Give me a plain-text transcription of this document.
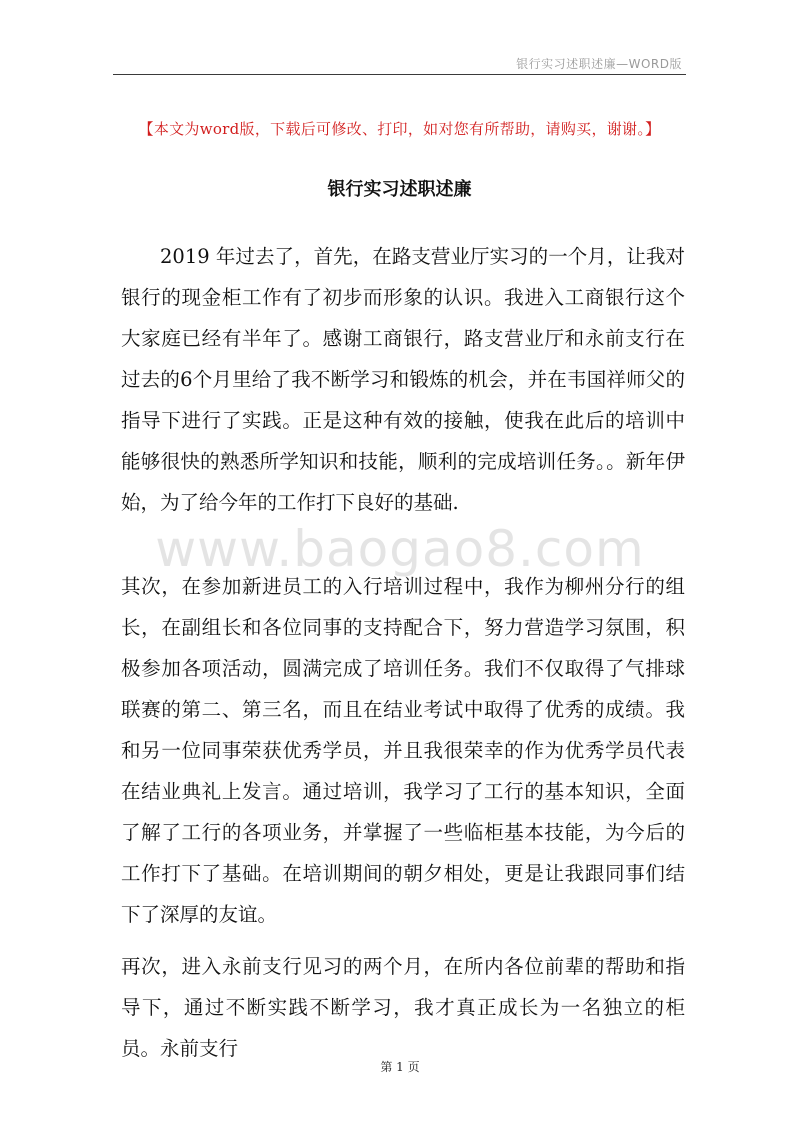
银行实习述职述廉—WORD版
【本文为word版，下载后可修改、打印，如对您有所帮助，请购买，谢谢。】
银行实习述职述廉

2019 年过去了，首先，在路支营业厅实习的一个月，让我对银行的现金柜工作有了初步而形象的认识。我进入工商银行这个大家庭已经有半年了。感谢工商银行，路支营业厅和永前支行在过去的6个月里给了我不断学习和锻炼的机会，并在韦国祥师父的指导下进行了实践。正是这种有效的接触，使我在此后的培训中能够很快的熟悉所学知识和技能，顺利的完成培训任务。。新年伊始，为了给今年的工作打下良好的基础.

www.baogao8.com

其次，在参加新进员工的入行培训过程中，我作为柳州分行的组长，在副组长和各位同事的支持配合下，努力营造学习氛围，积极参加各项活动，圆满完成了培训任务。我们不仅取得了气排球联赛的第二、第三名，而且在结业考试中取得了优秀的成绩。我和另一位同事荣获优秀学员，并且我很荣幸的作为优秀学员代表在结业典礼上发言。通过培训，我学习了工行的基本知识，全面了解了工行的各项业务，并掌握了一些临柜基本技能，为今后的工作打下了基础。在培训期间的朝夕相处，更是让我跟同事们结下了深厚的友谊。

再次，进入永前支行见习的两个月，在所内各位前辈的帮助和指导下，通过不断实践不断学习，我才真正成长为一名独立的柜员。永前支行

第 1 页
